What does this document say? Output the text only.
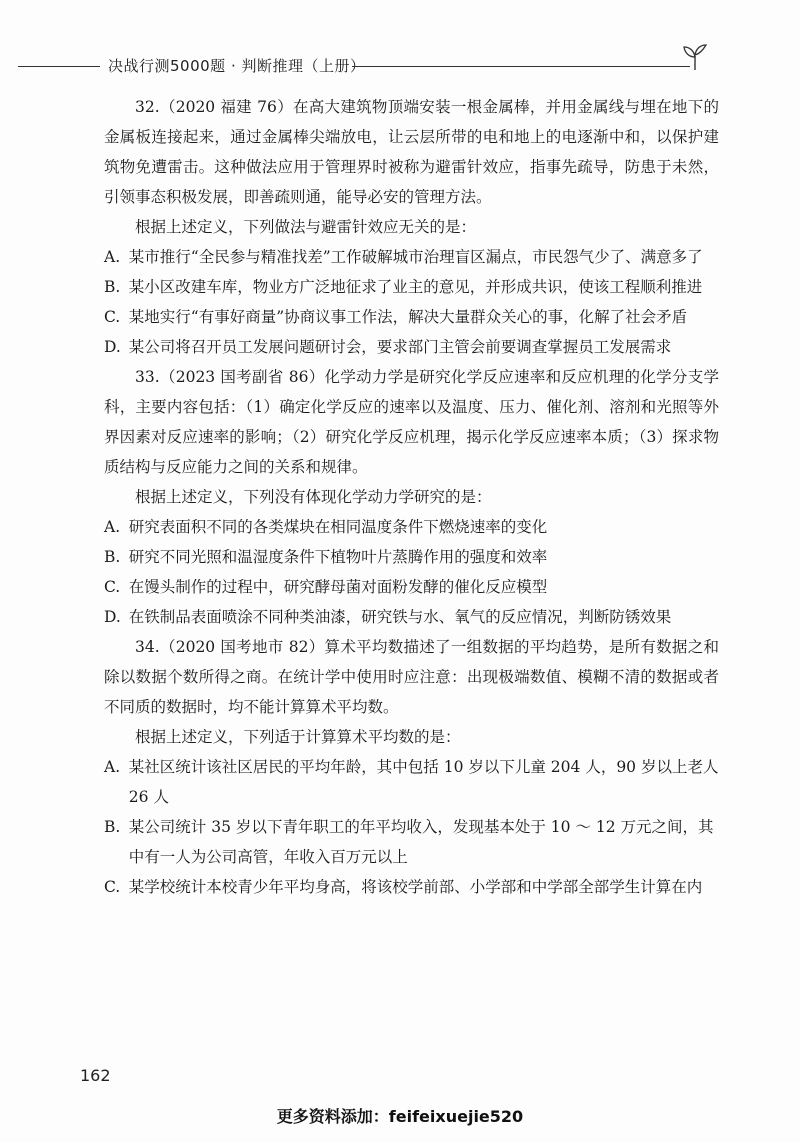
决战行测5000题 · 判断推理（上册）

32.（2020 福建 76）在高大建筑物顶端安装一根金属棒，并用金属线与埋在地下的金属板连接起来，通过金属棒尖端放电，让云层所带的电和地上的电逐渐中和，以保护建筑物免遭雷击。这种做法应用于管理界时被称为避雷针效应，指事先疏导，防患于未然，引领事态积极发展，即善疏则通，能导必安的管理方法。

根据上述定义，下列做法与避雷针效应无关的是：

A. 某市推行“全民参与精准找差”工作破解城市治理盲区漏点，市民怨气少了、满意多了

B. 某小区改建车库，物业方广泛地征求了业主的意见，并形成共识，使该工程顺利推进

C. 某地实行“有事好商量”协商议事工作法，解决大量群众关心的事，化解了社会矛盾

D. 某公司将召开员工发展问题研讨会，要求部门主管会前要调查掌握员工发展需求

33.（2023 国考副省 86）化学动力学是研究化学反应速率和反应机理的化学分支学科，主要内容包括：（1）确定化学反应的速率以及温度、压力、催化剂、溶剂和光照等外界因素对反应速率的影响；（2）研究化学反应机理，揭示化学反应速率本质；（3）探求物质结构与反应能力之间的关系和规律。

根据上述定义，下列没有体现化学动力学研究的是：

A. 研究表面积不同的各类煤块在相同温度条件下燃烧速率的变化

B. 研究不同光照和温湿度条件下植物叶片蒸腾作用的强度和效率

C. 在馒头制作的过程中，研究酵母菌对面粉发酵的催化反应模型

D. 在铁制品表面喷涂不同种类油漆，研究铁与水、氧气的反应情况，判断防锈效果

34.（2020 国考地市 82）算术平均数描述了一组数据的平均趋势，是所有数据之和除以数据个数所得之商。在统计学中使用时应注意：出现极端数值、模糊不清的数据或者不同质的数据时，均不能计算算术平均数。

根据上述定义，下列适于计算算术平均数的是：

A. 某社区统计该社区居民的平均年龄，其中包括 10 岁以下儿童 204 人，90 岁以上老人 26 人

B. 某公司统计 35 岁以下青年职工的年平均收入，发现基本处于 10 ～ 12 万元之间，其中有一人为公司高管，年收入百万元以上

C. 某学校统计本校青少年平均身高，将该校学前部、小学部和中学部全部学生计算在内

162
更多资料添加：feifeixuejie520
